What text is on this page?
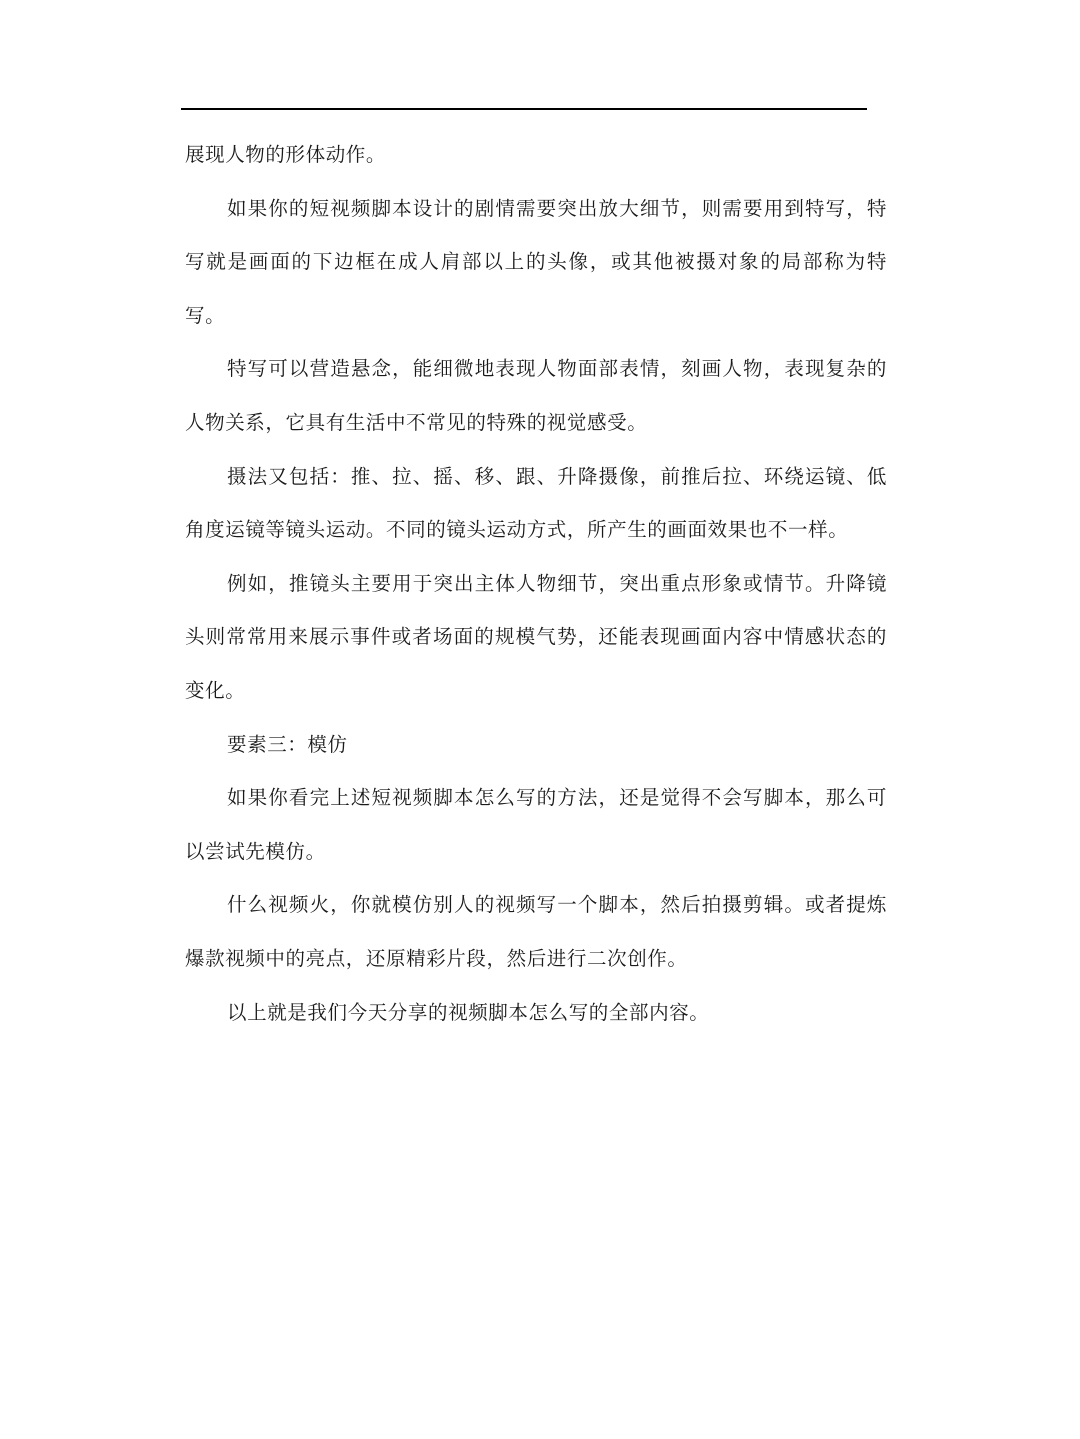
展现人物的形体动作。

如果你的短视频脚本设计的剧情需要突出放大细节，则需要用到特写，特写就是画面的下边框在成人肩部以上的头像，或其他被摄对象的局部称为特写。

特写可以营造悬念，能细微地表现人物面部表情，刻画人物，表现复杂的人物关系，它具有生活中不常见的特殊的视觉感受。

摄法又包括：推、拉、摇、移、跟、升降摄像，前推后拉、环绕运镜、低角度运镜等镜头运动。不同的镜头运动方式，所产生的画面效果也不一样。

例如，推镜头主要用于突出主体人物细节，突出重点形象或情节。升降镜头则常常用来展示事件或者场面的规模气势，还能表现画面内容中情感状态的变化。

要素三：模仿

如果你看完上述短视频脚本怎么写的方法，还是觉得不会写脚本，那么可以尝试先模仿。

什么视频火，你就模仿别人的视频写一个脚本，然后拍摄剪辑。或者提炼爆款视频中的亮点，还原精彩片段，然后进行二次创作。

以上就是我们今天分享的视频脚本怎么写的全部内容。
